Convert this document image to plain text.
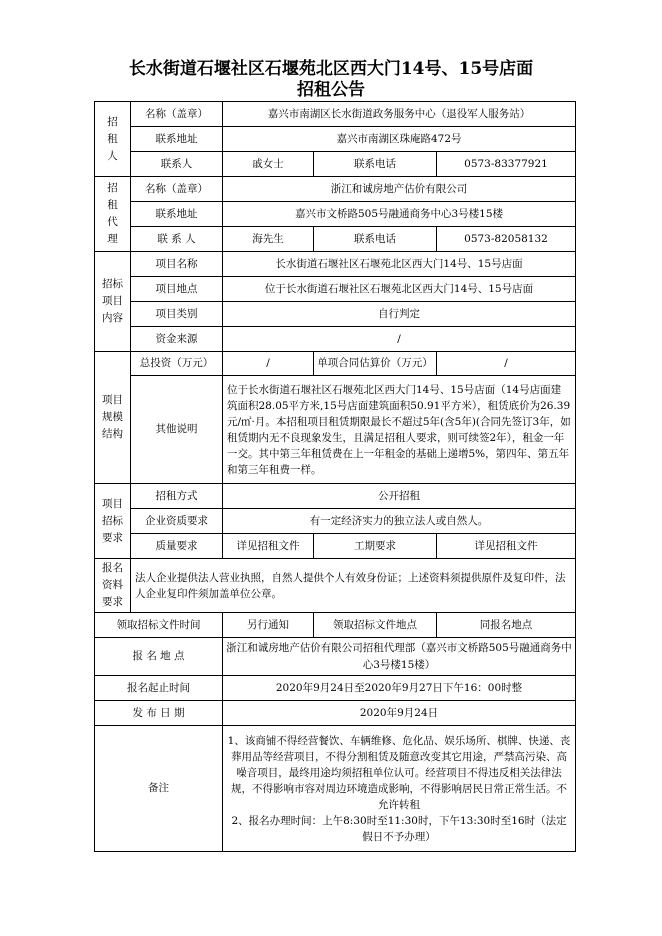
长水街道石堰社区石堰苑北区西大门14号、15号店面
招租公告
招租人	名称（盖章）	嘉兴市南湖区长水街道政务服务中心（退役军人服务站）		
	联系地址	嘉兴市南湖区珠庵路472号		
	联系人	戚女士	联系电话	0573-83377921
招租代理	名称（盖章）	浙江和诚房地产估价有限公司		
	联系地址	嘉兴市文桥路505号融通商务中心3号楼15楼		
	联 系 人	海先生	联系电话	0573-82058132
招标项目内容	项目名称	长水街道石堰社区石堰苑北区西大门14号、15号店面		
	项目地点	位于长水街道石堰社区石堰苑北区西大门14号、15号店面		
	项目类别	自行判定		
	资金来源	/		
项目规模结构	总投资（万元）	/	单项合同估算价（万元）	/
	其他说明	位于长水街道石堰社区石堰苑北区西大门14号、15号店面（14号店面建筑面积28.05平方米,15号店面建筑面积50.91平方米），租赁底价为26.39元/㎡·月。本招租项目租赁期限最长不超过5年(含5年)(合同先签订3年，如租赁期内无不良现象发生，且满足招租人要求，则可续签2年），租金一年一交。其中第三年租赁费在上一年租金的基础上递增5%，第四年、第五年和第三年租费一样。		
项目招标要求	招租方式	公开招租		
	企业资质要求	有一定经济实力的独立法人或自然人。		
	质量要求	详见招租文件	工期要求	详见招租文件
报名资料要求	法人企业提供法人营业执照，自然人提供个人有效身份证；上述资料须提供原件及复印件，法人企业复印件须加盖单位公章。			
领取招标文件时间		另行通知	领取招标文件地点	同报名地点
报 名 地 点		浙江和诚房地产估价有限公司招租代理部（嘉兴市文桥路505号融通商务中心3号楼15楼）		
报名起止时间		2020年9月24日至2020年9月27日下午16：00时整		
发 布 日 期		2020年9月24日		
备注		1、该商铺不得经营餐饮、车辆维修、危化品、娱乐场所、棋牌、快递、丧葬用品等经营项目，不得分割租赁及随意改变其它用途，严禁高污染、高噪音项目，最终用途均须招租单位认可。经营项目不得违反相关法律法规，不得影响市容对周边环境造成影响，不得影响居民日常正常生活。不允许转租

2、报名办理时间：上午8:30时至11:30时，下午13:30时至16时（法定假日不予办理）		
